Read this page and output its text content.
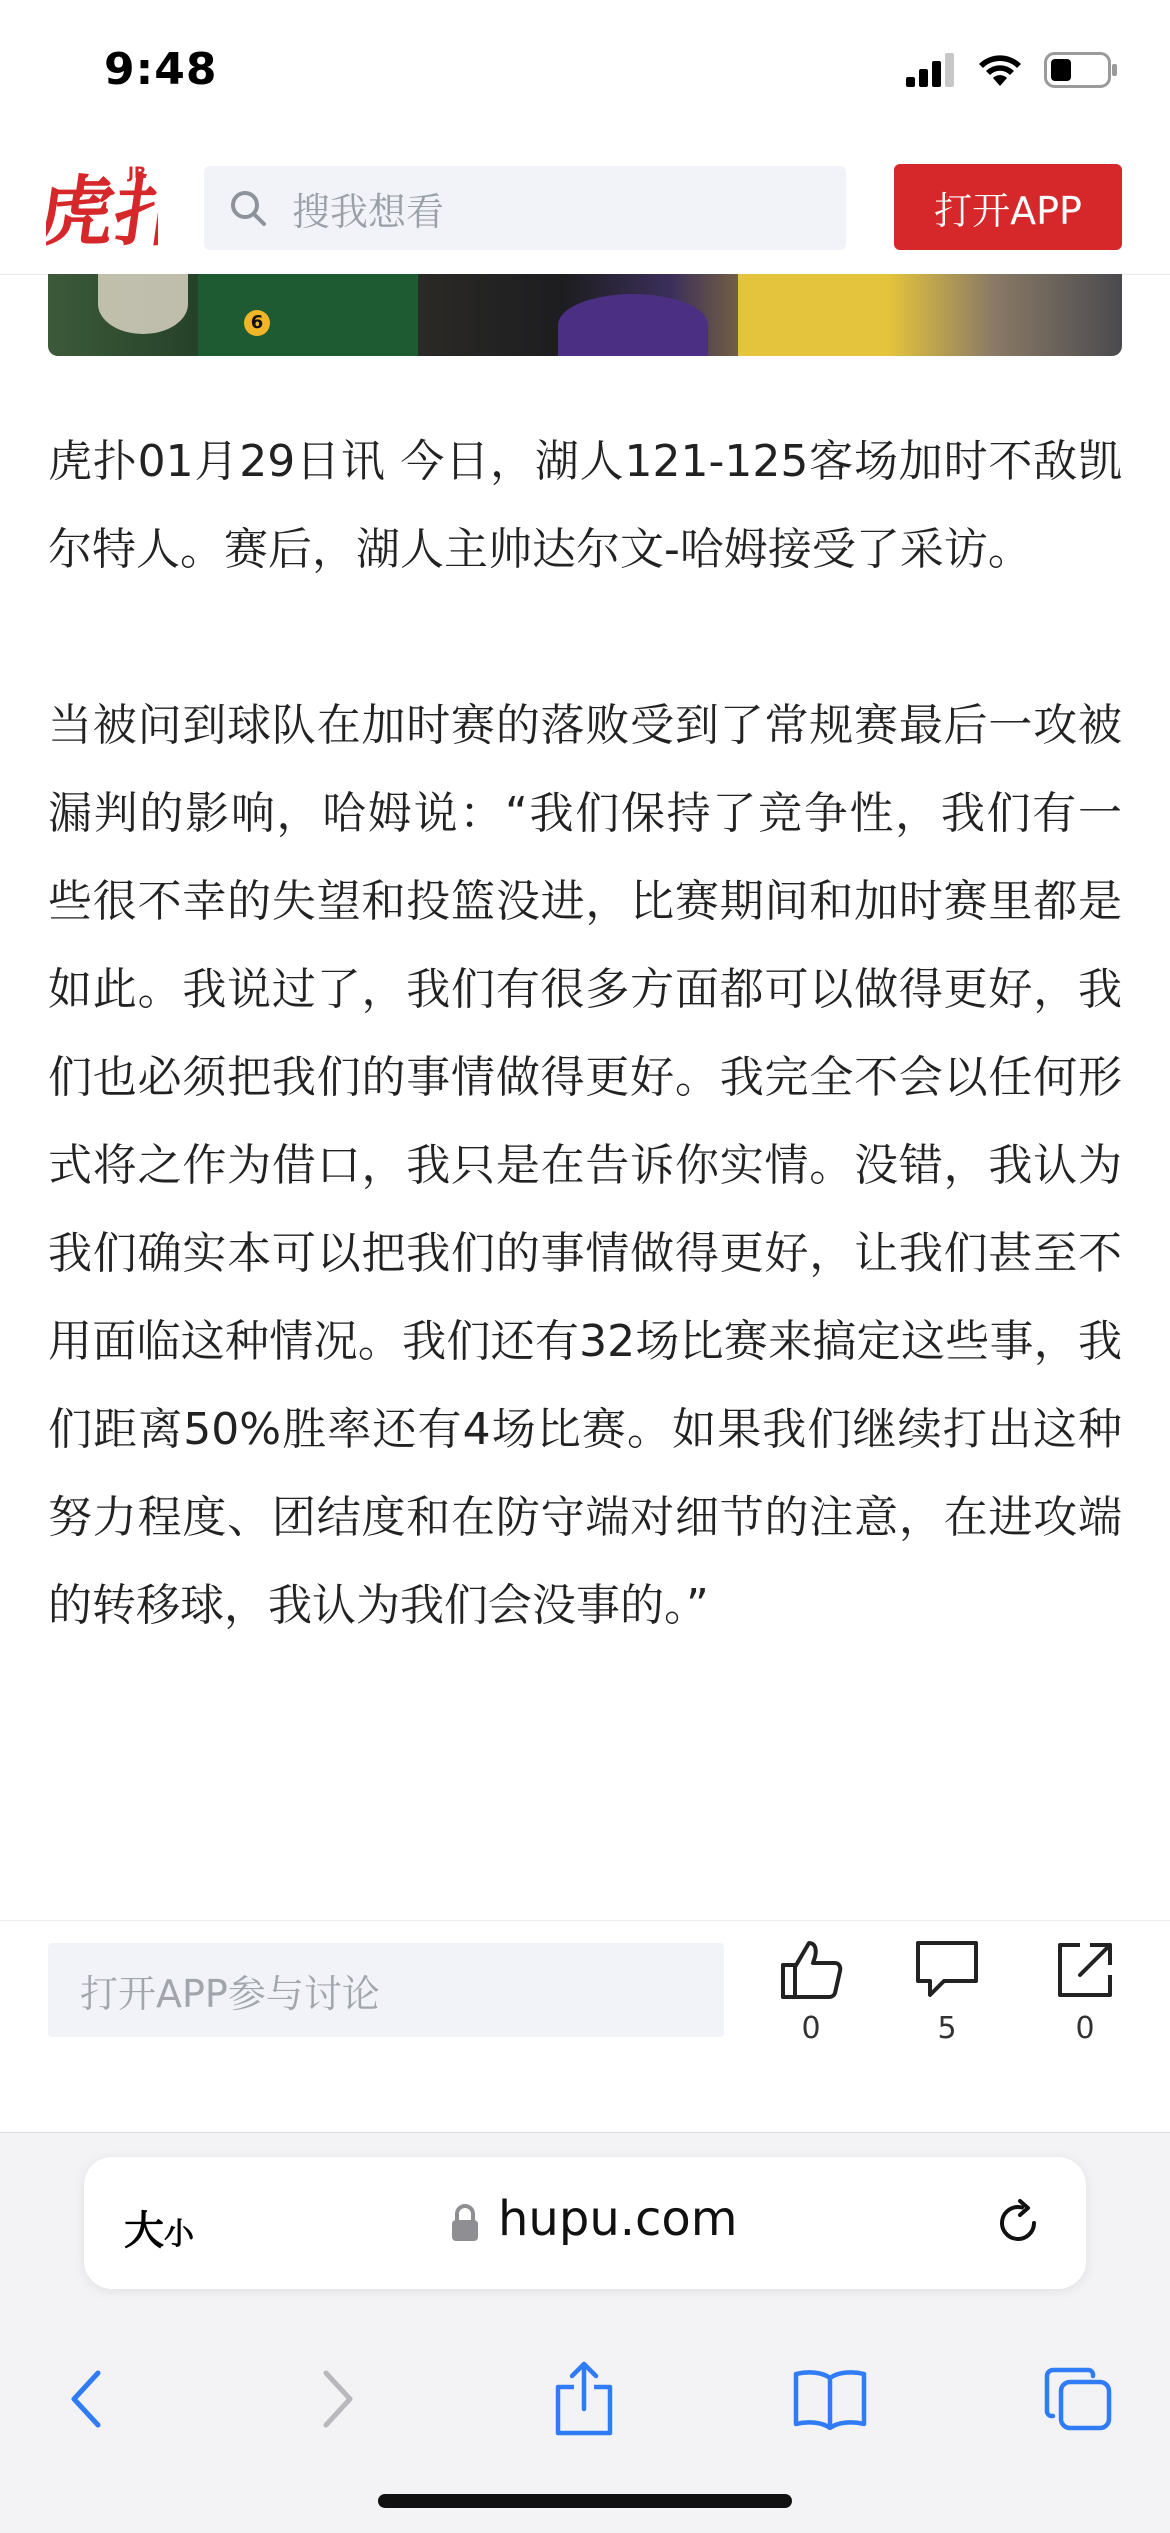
9:48
虎扑
JR
搜我想看	打开APP
6

虎扑01月29日讯 今日，湖人121-125客场加时不敌凯尔特人。赛后，湖人主帅达尔文-哈姆接受了采访。

当被问到球队在加时赛的落败受到了常规赛最后一攻被漏判的影响，哈姆说：“我们保持了竞争性，我们有一些很不幸的失望和投篮没进，比赛期间和加时赛里都是如此。我说过了，我们有很多方面都可以做得更好，我们也必须把我们的事情做得更好。我完全不会以任何形式将之作为借口，我只是在告诉你实情。没错，我认为我们确实本可以把我们的事情做得更好，让我们甚至不用面临这种情况。我们还有32场比赛来搞定这些事，我们距离50%胜率还有4场比赛。如果我们继续打出这种努力程度、团结度和在防守端对细节的注意，在进攻端的转移球，我认为我们会没事的。”

打开APP参与讨论
0	5	0
大小	hupu.com
